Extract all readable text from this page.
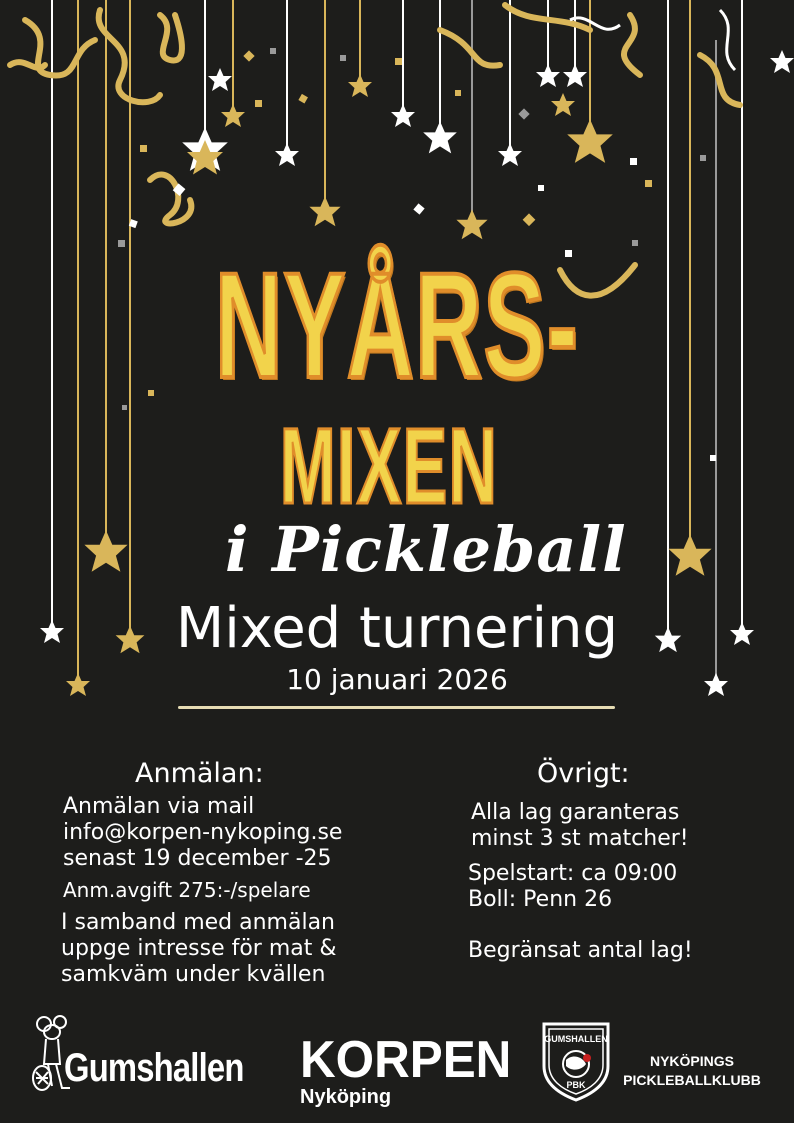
NYÅRS-
MIXEN
i Pickleball
Mixed turnering
10 januari 2026
Anmälan:
Anmälan via mail
info@korpen-nykoping.se
senast 19 december -25
Anm.avgift 275:-/spelare
I samband med anmälan
uppge intresse för mat &
samkväm under kvällen
Övrigt:
Alla lag garanteras
minst 3 st matcher!
Spelstart: ca 09:00
Boll: Penn 26
Begränsat antal lag!
Gumshallen KORPEN
Nyköping
GUMSHALLEN
PBK
NYKÖPINGS
PICKLEBALLKLUBB
